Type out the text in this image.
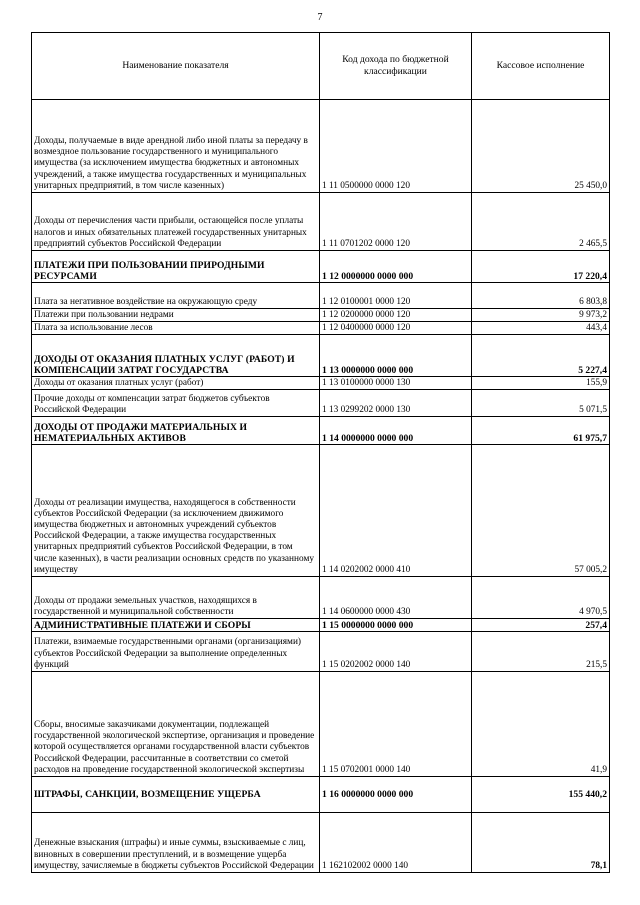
7
Наименование показателя	Код дохода по бюджетной классификации	Кассовое исполнение
Доходы, получаемые в виде арендной либо иной платы за передачу в возмездное пользование государственного и муниципального имущества (за исключением имущества бюджетных и автономных учреждений, а также имущества государственных и муниципальных унитарных предприятий, в том числе казенных)	1 11 0500000 0000 120	25 450,0
Доходы от перечисления части прибыли, остающейся после уплаты налогов и иных обязательных платежей государственных унитарных предприятий субъектов Российской Федерации	1 11 0701202 0000 120	2 465,5
ПЛАТЕЖИ ПРИ ПОЛЬЗОВАНИИ ПРИРОДНЫМИ РЕСУРСАМИ	1 12 0000000 0000 000	17 220,4
Плата за негативное воздействие на окружающую среду	1 12 0100001 0000 120	6 803,8
Платежи при пользовании недрами	1 12 0200000 0000 120	9 973,2
Плата за использование лесов	1 12 0400000 0000 120	443,4
ДОХОДЫ ОТ ОКАЗАНИЯ ПЛАТНЫХ УСЛУГ (РАБОТ) И КОМПЕНСАЦИИ ЗАТРАТ ГОСУДАРСТВА	1 13 0000000 0000 000	5 227,4
Доходы от оказания платных услуг (работ)	1 13 0100000 0000 130	155,9
Прочие доходы от компенсации затрат бюджетов субъектов Российской Федерации	1 13 0299202 0000 130	5 071,5
ДОХОДЫ ОТ ПРОДАЖИ МАТЕРИАЛЬНЫХ И НЕМАТЕРИАЛЬНЫХ АКТИВОВ	1 14 0000000 0000 000	61 975,7
Доходы от реализации имущества, находящегося в собственности субъектов Российской Федерации (за исключением движимого имущества бюджетных и автономных учреждений субъектов Российской Федерации, а также имущества государственных унитарных предприятий субъектов Российской Федерации, в том числе казенных), в части реализации основных средств по указанному имуществу	1 14 0202002 0000 410	57 005,2
Доходы от продажи земельных участков, находящихся в государственной и муниципальной собственности	1 14 0600000 0000 430	4 970,5
АДМИНИСТРАТИВНЫЕ ПЛАТЕЖИ И СБОРЫ	1 15 0000000 0000 000	257,4
Платежи, взимаемые государственными органами (организациями) субъектов Российской Федерации за выполнение определенных функций	1 15 0202002 0000 140	215,5
Сборы, вносимые заказчиками документации, подлежащей государственной экологической экспертизе, организация и проведение которой осуществляется органами государственной власти субъектов Российской Федерации, рассчитанные в соответствии со сметой расходов на проведение государственной экологической экспертизы	1 15 0702001 0000 140	41,9
ШТРАФЫ, САНКЦИИ, ВОЗМЕЩЕНИЕ УЩЕРБА	1 16 0000000 0000 000	155 440,2
Денежные взыскания (штрафы) и иные суммы, взыскиваемые с лиц, виновных в совершении преступлений, и в возмещение ущерба имуществу, зачисляемые в бюджеты субъектов Российской Федерации	1 162102002 0000 140	78,1
